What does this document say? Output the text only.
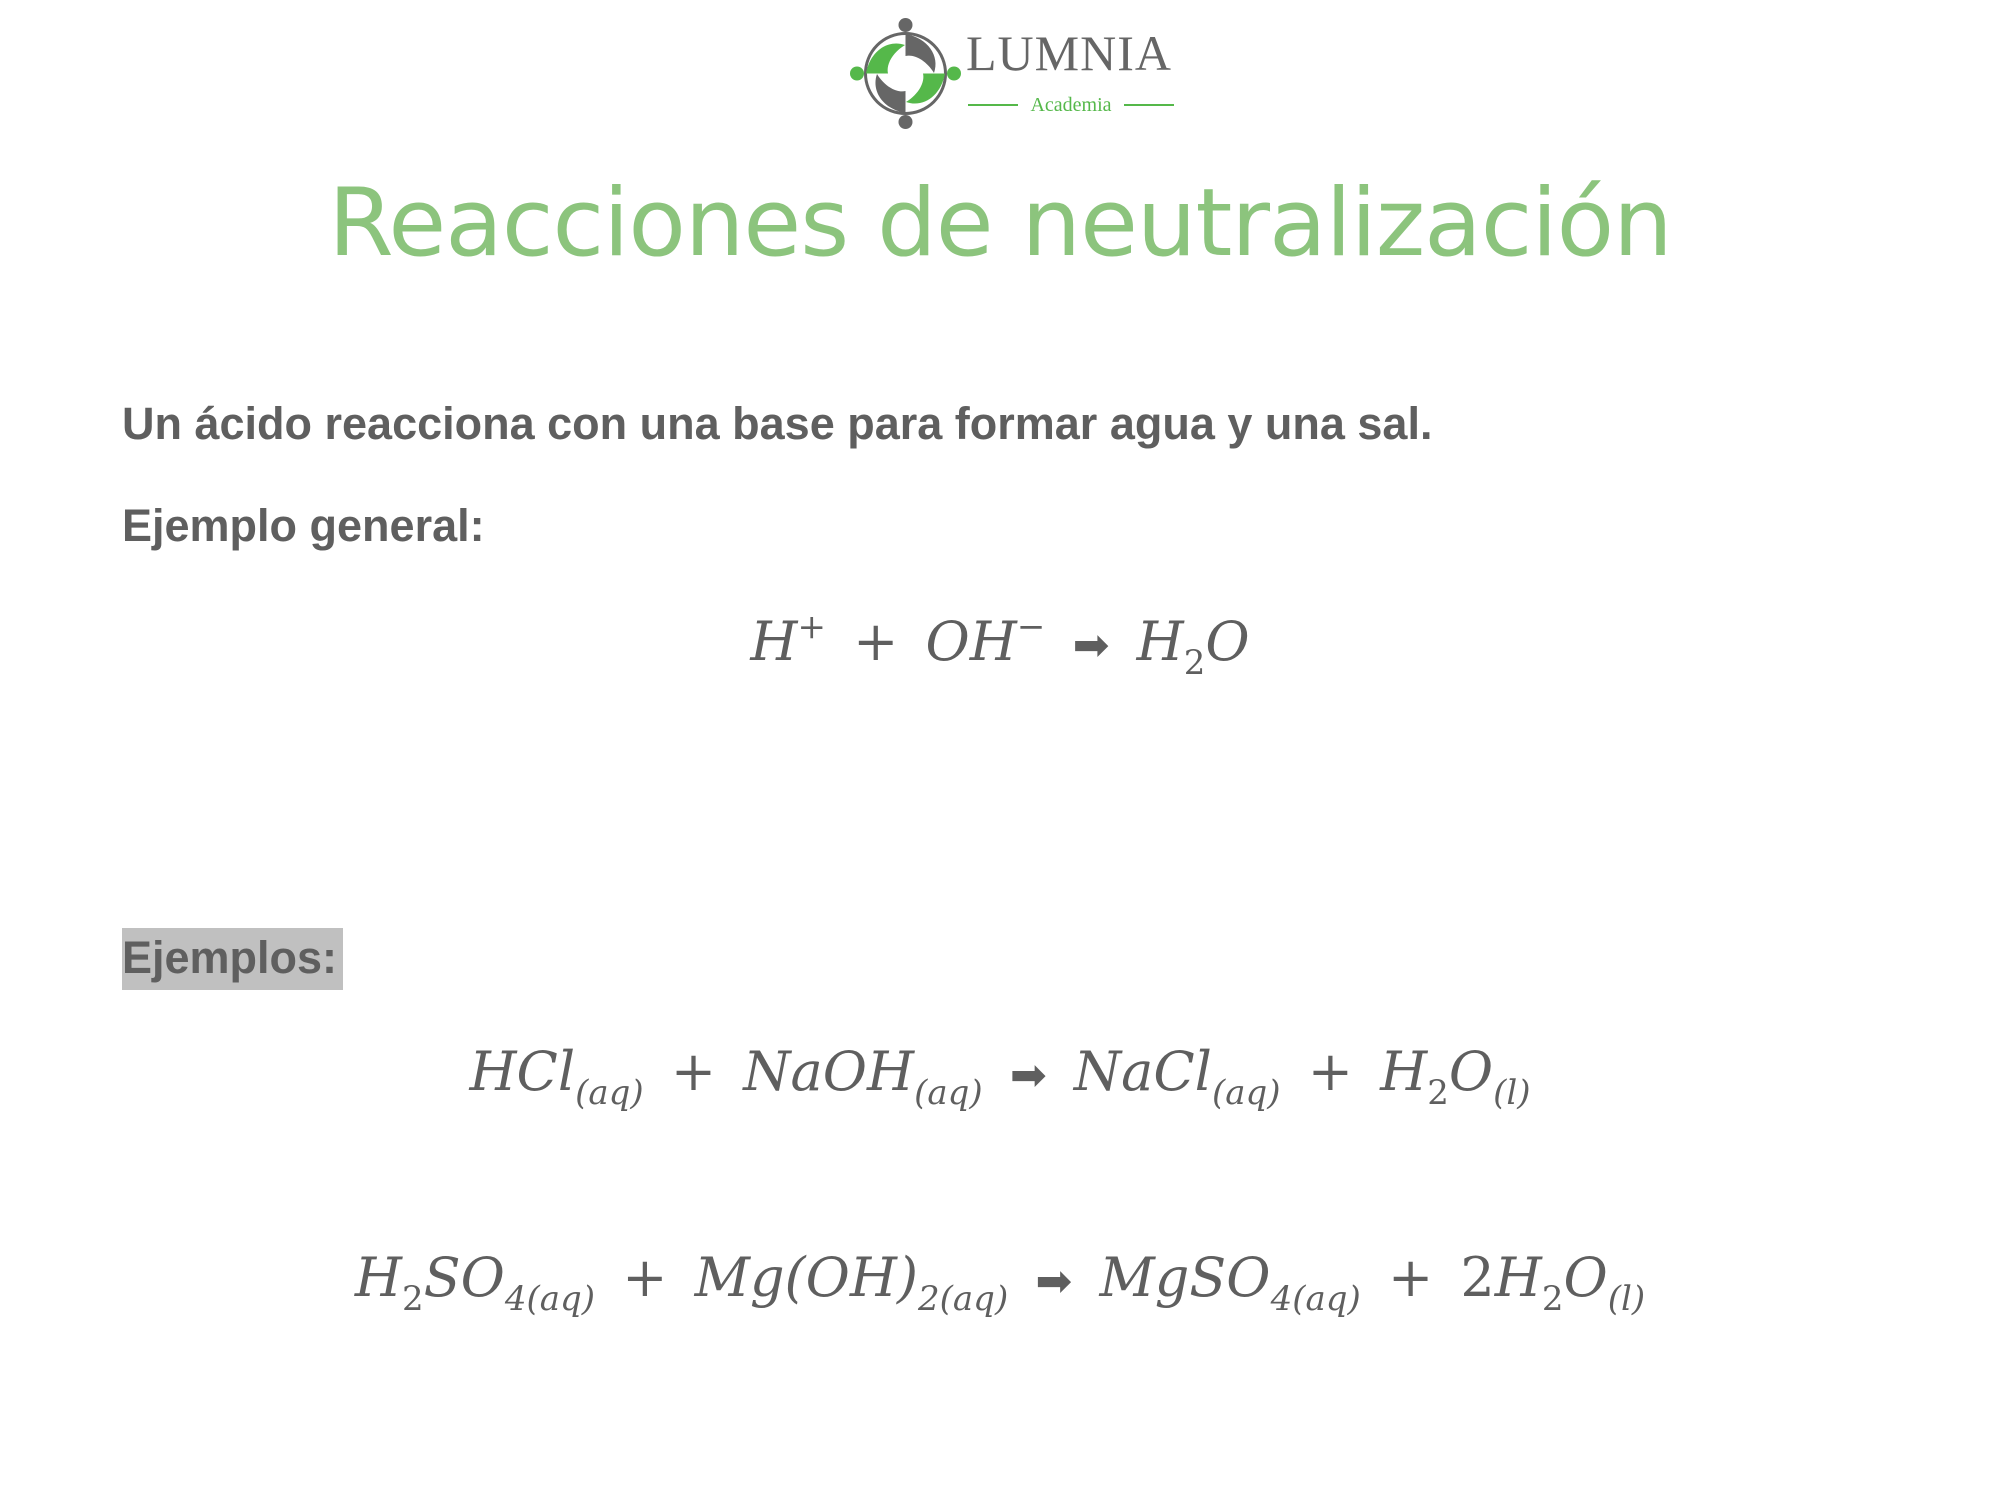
LUMNIA
Academia
Reacciones de neutralización
Un ácido reacciona con una base para formar agua y una sal.
Ejemplo general:
H+ + OH− ➡ $H_2O$
Ejemplos:
HCl$_{(aq)}$ + NaOH$_{(aq)}$ ➡ NaCl$_{(aq)}$ + $H_2O_{(l)}$
$H_2SO_{4(aq)} + Mg(OH)_{2(aq)}$ ➡ MgSO$_{4(aq)}$ + $2H_2O_{(l)}$
